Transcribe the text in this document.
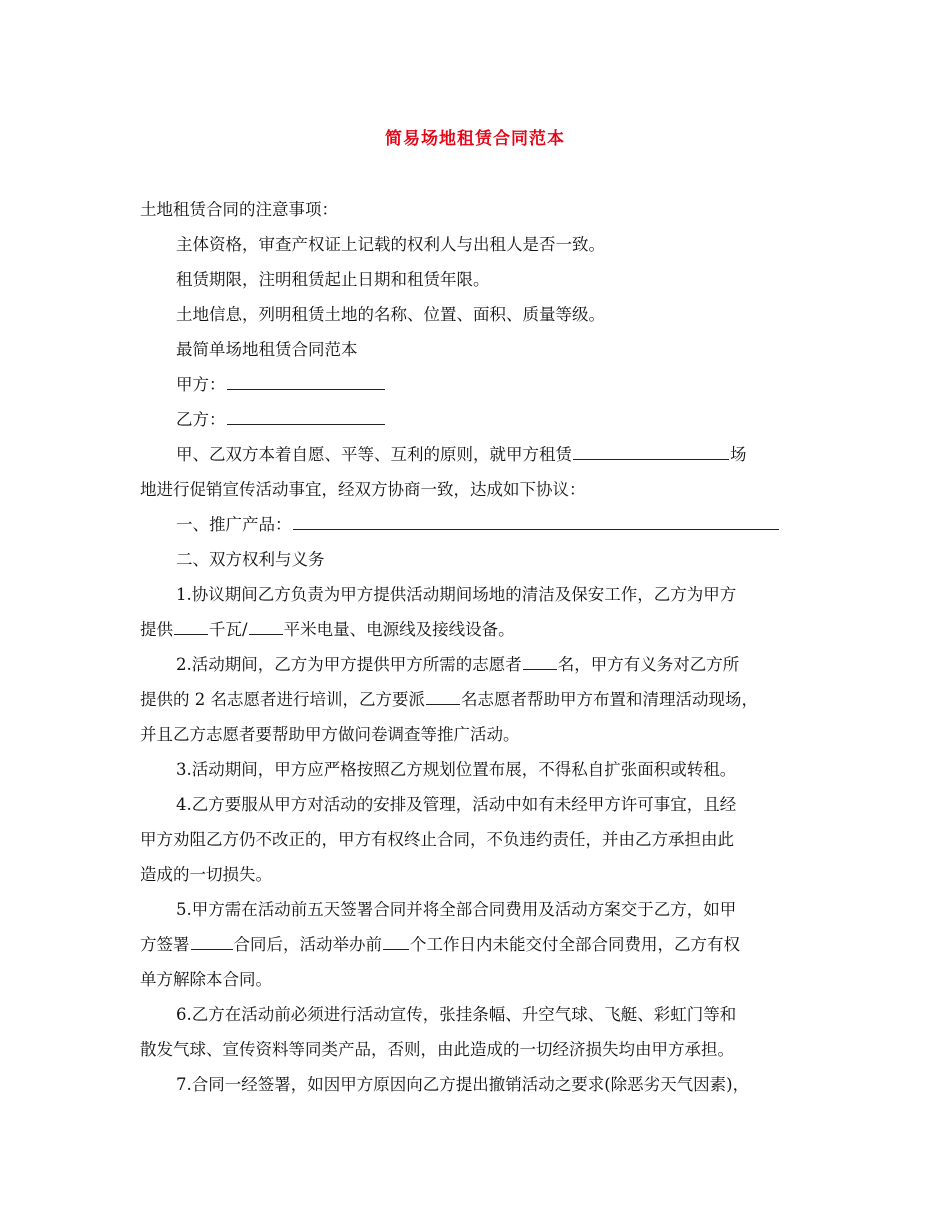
简易场地租赁合同范本

土地租赁合同的注意事项：

主体资格，审查产权证上记载的权利人与出租人是否一致。

租赁期限，注明租赁起止日期和租赁年限。

土地信息，列明租赁土地的名称、位置、面积、质量等级。

最简单场地租赁合同范本

甲方：

乙方：

甲、乙双方本着自愿、平等、互利的原则，就甲方租赁	场

地进行促销宣传活动事宜，经双方协商一致，达成如下协议：

一、推广产品：

二、双方权利与义务

1.协议期间乙方负责为甲方提供活动期间场地的清洁及保安工作，乙方为甲方

提供 千瓦/ 平米电量、电源线及接线设备。

2.活动期间，乙方为甲方提供甲方所需的志愿者 名，甲方有义务对乙方所

提供的 2 名志愿者进行培训，乙方要派 名志愿者帮助甲方布置和清理活动现场，

并且乙方志愿者要帮助甲方做问卷调查等推广活动。

3.活动期间，甲方应严格按照乙方规划位置布展，不得私自扩张面积或转租。

4.乙方要服从甲方对活动的安排及管理，活动中如有未经甲方许可事宜，且经

甲方劝阻乙方仍不改正的，甲方有权终止合同，不负违约责任，并由乙方承担由此

造成的一切损失。

5.甲方需在活动前五天签署合同并将全部合同费用及活动方案交于乙方，如甲

方签署	合同后，活动举办前 个工作日内未能交付全部合同费用，乙方有权

单方解除本合同。

6.乙方在活动前必须进行活动宣传，张挂条幅、升空气球、飞艇、彩虹门等和

散发气球、宣传资料等同类产品，否则，由此造成的一切经济损失均由甲方承担。

7.合同一经签署，如因甲方原因向乙方提出撤销活动之要求(除恶劣天气因素)，
